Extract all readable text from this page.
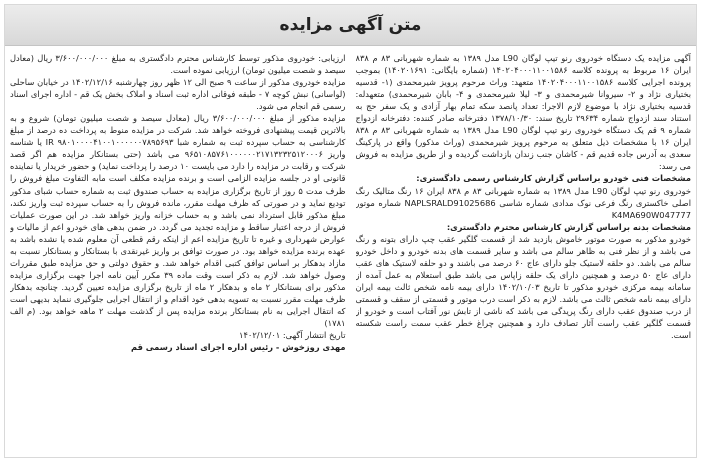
متن آگهی مزایده

آگهی مزایده یک دستگاه خودروی رنو تیپ لوگان L90 مدل ۱۳۸۹ به شماره شهربانی ۸۳ م ۸۳۸ ایران ۱۶ مربوط به پرونده کلاسه ۱۴۰۲۰۴۰۰۰۱۱۰۰۱۵۸۶ (شماره بایگانی: ۱۴۰۲۰۱۶۹۱) بموجب پرونده اجرایی کلاسه ۱۴۰۲۰۴۰۰۰۱۱۰۰۱۵۸۶ متعهد: وراث مرحوم پرویز شیرمحمدی (۱- قدسیه بختیاری نژاد و ۲- سیروانا شیرمحمدی و ۳- لیلا شیرمحمدی و ۴- بابان شیرمحمدی) متعهدله: قدسیه بختیاری نژاد با موضوع لازم الاجرا: تعداد پانصد سکه تمام بهار آزادی و یک سفر حج به استناد سند ازدواج شماره ۲۹۶۳۴ تاریخ سند: ۱۳۷۸/۱۰/۳۰ دفترخانه صادر کننده: دفترخانه ازدواج شماره ۹ قم یک دستگاه خودروی رنو تیپ لوگان L90 مدل ۱۳۸۹ به شماره شهربانی ۸۳ م ۸۳۸ ایران ۱۶ با مشخصات ذیل متعلق به مرحوم پرویز شیرمحمدی (وراث مذکور) واقع در پارکینگ سعدی به آدرس جاده قدیم قم - کاشان جنب زندان بازداشت گردیده و از طریق مزایده به فروش می رسد:

مشخصات فنی خودرو براساس گزارش کارشناس رسمی دادگستری:

خودروی رنو تیپ لوگان L90 مدل ۱۳۸۹ به شماره شهربانی ۸۳ م ۸۳۸ ایران ۱۶ رنگ متالیک رنگ اصلی خاکستری رنگ فرعی نوک مدادی شماره شاسی NAPLSRALD91025686 شماره موتور K4MA690W047777

مشخصات بدنه براساس گزارش کارشناس محترم دادگستری:

خودرو مذکور به صورت موتور خاموش بازدید شد از قسمت گلگیر عقب چپ دارای بتونه و رنگ می باشد و از نظر فنی به ظاهر سالم می باشد و سایر قسمت های بدنه خودرو و داخل خودرو سالم می باشد. دو حلقه لاستیک جلو دارای عاج ۶۰ درصد می باشند و دو حلقه لاستیک های عقب دارای عاج ۵۰ درصد و همچنین دارای یک حلقه زاپاس می باشد طبق استعلام به عمل آمده از سامانه بیمه مرکزی خودرو مذکور تا تاریخ ۱۴۰۲/۱۰/۰۳ دارای بیمه نامه شخص ثالث بیمه ایران دارای بیمه نامه شخص ثالث می باشد. لازم به ذکر است درب موتور و قسمتی از سقف و قسمتی از درب صندوق عقب دارای رنگ پریدگی می باشد که ناشی از تابش نور آفتاب است و خودرو از قسمت گلگیر عقب راست آثار تصادف دارد و همچنین چراغ خطر عقب سمت راست شکسته است.

ارزیابی: خودروی مذکور توسط کارشناس محترم دادگستری به مبلغ ۳/۶۰۰/۰۰۰/۰۰۰ ریال (معادل سیصد و شصت میلیون تومان) ارزیابی نموده است.

مزایده خودروی مذکور از ساعت ۹ صبح الی ۱۲ ظهر روز چهارشنبه ۱۴۰۲/۱۲/۱۶ در خیابان ساحلی (لواسانی) نبش کوچه ۷ - طبقه فوقانی اداره ثبت اسناد و املاک بخش یک قم - اداره اجرای اسناد رسمی قم انجام می شود.

مزایده مذکور از مبلغ ۳/۶۰۰/۰۰۰/۰۰۰ ریال (معادل سیصد و شصت میلیون تومان) شروع و به بالاترین قیمت پیشنهادی فروخته خواهد شد. شرکت در مزایده منوط به پرداخت ده درصد از مبلغ کارشناسی به حساب سپرده ثبت به شماره شبا IR ۹۸۰۱۰۰۰۰۴۱۰۰۱۰۰۰۰۰۰۷۸۹۵۶۹۳ یا شناسه واریز ۹۶۵۱۰۸۵۷۶۱۰۰۰۰۰۰۲۱۷۱۳۲۳۲۵۱۲۰۰۰۶ می باشد (حتی بستانکار مزایده هم اگر قصد شرکت و رقابت در مزایده را دارد می بایست ۱۰ درصد را پرداخت نماید) و حضور خریدار یا نماینده قانونی او در جلسه مزایده الزامی است و برنده مزایده مکلف است مابه التفاوت مبلغ فروش را ظرف مدت ۵ روز از تاریخ برگزاری مزایده به حساب صندوق ثبت به شماره حساب شبای مذکور تودیع نماید و در صورتی که ظرف مهلت مقرر، مانده فروش را به حساب سپرده ثبت واریز نکند، مبلغ مذکور قابل استرداد نمی باشد و به حساب خزانه واریز خواهد شد. در این صورت عملیات فروش از درجه اعتبار ساقط و مزایده تجدید می گردد. در ضمن بدهی های خودرو اعم از مالیات و عوارض شهرداری و غیره تا تاریخ مزایده اعم از اینکه رقم قطعی آن معلوم شده یا نشده باشد به عهده برنده مزایده خواهد بود. در صورت توافق بر واریز غیرنقدی با بستانکار و بستانکار نسبت به مازاد بدهکار بر اساس توافق کتبی اقدام خواهد شد. و حقوق دولتی و حق مزایده طبق مقررات وصول خواهد شد. لازم به ذکر است وقت ماده ۳۹ مکرر آیین نامه اجرا جهت برگزاری مزایده مذکور برای بستانکار ۲ ماه و بدهکار ۲ ماه از تاریخ برگزاری مزایده تعیین گردید. چنانچه بدهکار ظرف مهلت مقرر نسبت به تسویه بدهی خود اقدام و از انتقال اجرایی جلوگیری ننماید بدیهی است که انتقال اجرایی به نام بستانکار برنده مزایده پس از گذشت مهلت ۲ ماهه خواهد بود. (م الف ۱۷۸۱)

تاریخ انتشار آگهی: ۱۴۰۲/۱۲/۰۱

مهدی روزخوش - رئیس اداره اجرای اسناد رسمی قم
